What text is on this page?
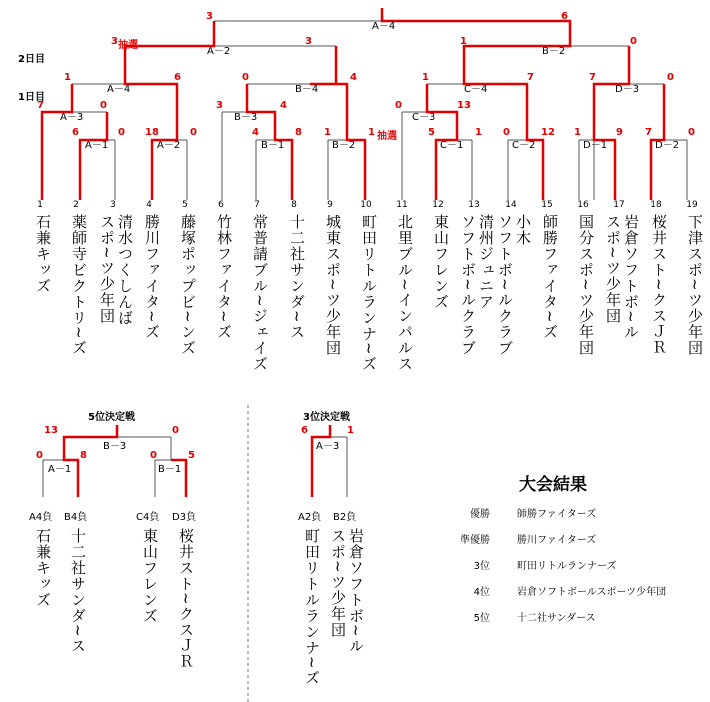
2日目
1日目
A－1
6	0
A－2
18	0
A－3
7	0
A－4
1	6
B－1
4	8
B－2
1	1
B－3
3	4
B－4
0	4
C－1
5	1
C－2
0	12
C－3
0	13
C－4
1	7
D－1
1	9
D－2
7	0
D－3
7	0
A－2
3	3
B－2
1	0
A－4
3	6
抽選
抽選
1
石兼キッズ
2
薬師寺ビクトリ~ズ
3
清水つくしんば
スポ~ツ少年団
4
勝川ファイタ~ズ
5
藤塚ポップビ~ンズ
6
竹林ファイタ~ズ
7
常普請ブル~ジェイズ
8
十二社サンダ~ス
9
城東スポ~ツ少年団
10
町田リトルランナ~ズ
11
北里ブル~インパルス
12
東山フレンズ
13
清州ジュニア
ソフトボ~ルクラブ
14
小木
ソフトボ~ルクラブ
15
師勝ファイタ~ズ
16
国分スポ~ツ少年団
17
岩倉ソフトボ~ル
スポ~ツ少年団
18
桜井スト~クスＪＲ
19
下津スポ~ツ少年団
5位決定戦	3位決定戦
B－3
13	0
A－1
0	8
B－1
0	5
A4負
石兼キッズ
B4負
十二社サンダ~ス
C4負
東山フレンズ
D3負
桜井スト~クスＪＲ
A－3
6	1
A2負
町田リトルランナ~ズ
B2負
岩倉ソフトボ~ル
スポ~ツ少年団
大会結果
優勝	師勝ファイターズ
準優勝	勝川ファイターズ
3位	町田リトルランナーズ
4位	岩倉ソフトボールスポーツ少年団
5位	十二社サンダース
